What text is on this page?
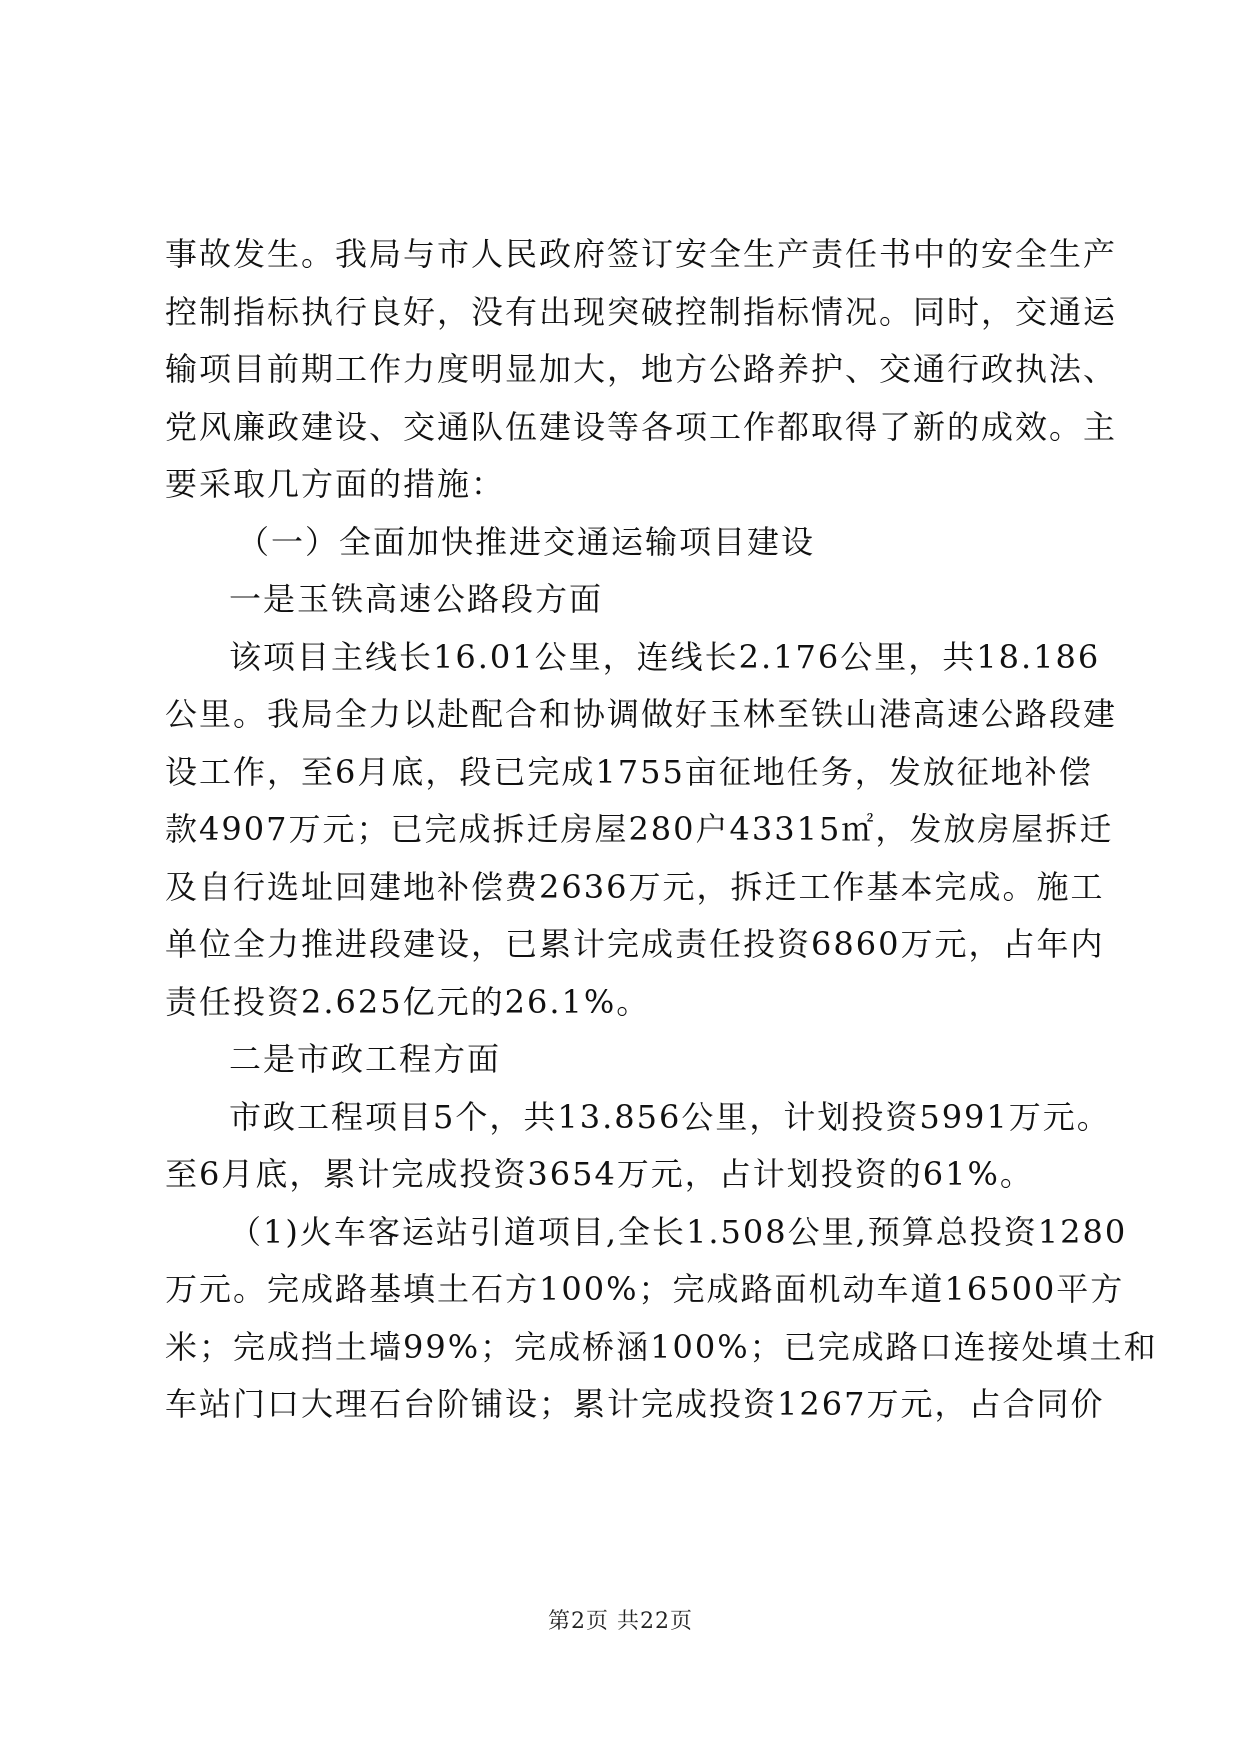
事故发生。我局与市人民政府签订安全生产责任书中的安全生产
控制指标执行良好，没有出现突破控制指标情况。同时，交通运
输项目前期工作力度明显加大，地方公路养护、交通行政执法、
党风廉政建设、交通队伍建设等各项工作都取得了新的成效。主
要采取几方面的措施：
（一）全面加快推进交通运输项目建设
一是玉铁高速公路段方面
该项目主线长16.01公里，连线长2.176公里，共18.186
公里。我局全力以赴配合和协调做好玉林至铁山港高速公路段建
设工作，至6月底，段已完成1755亩征地任务，发放征地补偿
款4907万元；已完成拆迁房屋280户43315㎡，发放房屋拆迁
及自行选址回建地补偿费2636万元，拆迁工作基本完成。施工
单位全力推进段建设，已累计完成责任投资6860万元，占年内
责任投资2.625亿元的26.1%。
二是市政工程方面
市政工程项目5个，共13.856公里，计划投资5991万元。
至6月底，累计完成投资3654万元，占计划投资的61%。
（1)火车客运站引道项目,全长1.508公里,预算总投资1280
万元。完成路基填土石方100%；完成路面机动车道16500平方
米；完成挡土墙99%；完成桥涵100%；已完成路口连接处填土和
车站门口大理石台阶铺设；累计完成投资1267万元，占合同价
第2页 共22页
